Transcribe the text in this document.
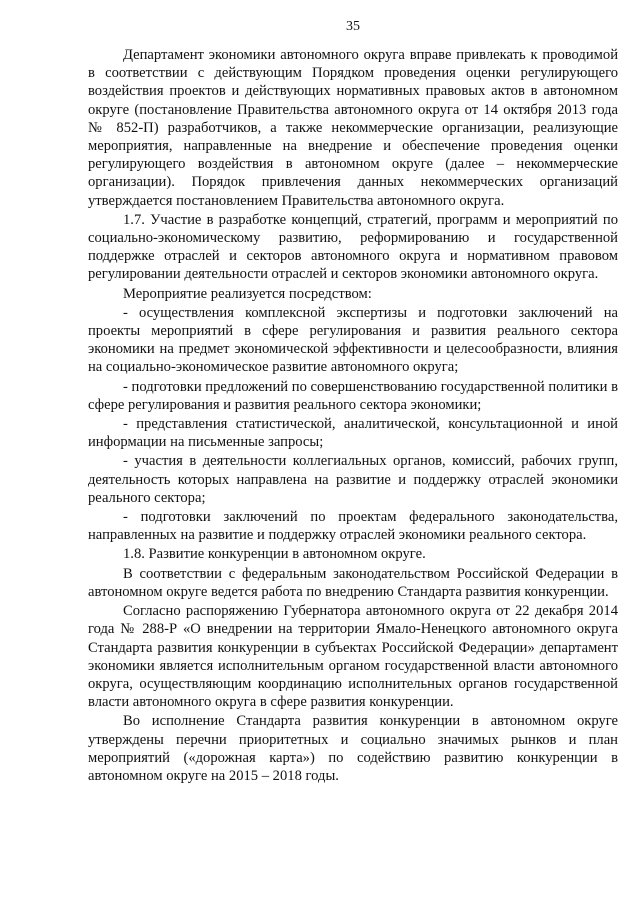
35

Департамент экономики автономного округа вправе привлекать к проводимой в соответствии с действующим Порядком проведения оценки регулирующего воздействия проектов и действующих нормативных правовых актов в автономном округе (постановление Правительства автономного округа от 14 октября 2013 года № 852-П) разработчиков, а также некоммерческие организации, реализующие мероприятия, направленные на внедрение и обеспечение проведения оценки регулирующего воздействия в автономном округе (далее – некоммерческие организации). Порядок привлечения данных некоммерческих организаций утверждается постановлением Правительства автономного округа.

1.7. Участие в разработке концепций, стратегий, программ и мероприятий по социально-экономическому развитию, реформированию и государственной поддержке отраслей и секторов автономного округа и нормативном правовом регулировании деятельности отраслей и секторов экономики автономного округа.

Мероприятие реализуется посредством:

- осуществления комплексной экспертизы и подготовки заключений на проекты мероприятий в сфере регулирования и развития реального сектора экономики на предмет экономической эффективности и целесообразности, влияния на социально-экономическое развитие автономного округа;

- подготовки предложений по совершенствованию государственной политики в сфере регулирования и развития реального сектора экономики;

- представления статистической, аналитической, консультационной и иной информации на письменные запросы;

- участия в деятельности коллегиальных органов, комиссий, рабочих групп, деятельность которых направлена на развитие и поддержку отраслей экономики реального сектора;

- подготовки заключений по проектам федерального законодательства, направленных на развитие и поддержку отраслей экономики реального сектора.

1.8. Развитие конкуренции в автономном округе.

В соответствии с федеральным законодательством Российской Федерации в автономном округе ведется работа по внедрению Стандарта развития конкуренции.

Согласно распоряжению Губернатора автономного округа от 22 декабря 2014 года № 288-Р «О внедрении на территории Ямало-Ненецкого автономного округа Стандарта развития конкуренции в субъектах Российской Федерации» департамент экономики является исполнительным органом государственной власти автономного округа, осуществляющим координацию исполнительных органов государственной власти автономного округа в сфере развития конкуренции.

Во исполнение Стандарта развития конкуренции в автономном округе утверждены перечни приоритетных и социально значимых рынков и план мероприятий («дорожная карта») по содействию развитию конкуренции в автономном округе на 2015 – 2018 годы.
